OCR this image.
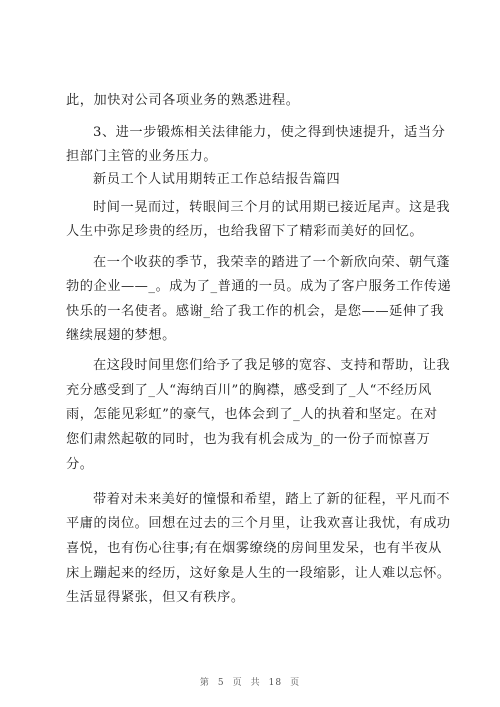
此，加快对公司各项业务的熟悉进程。
3、进一步锻炼相关法律能力，使之得到快速提升，适当分
担部门主管的业务压力。
新员工个人试用期转正工作总结报告篇四
时间一晃而过，转眼间三个月的试用期已接近尾声。这是我
人生中弥足珍贵的经历，也给我留下了精彩而美好的回忆。
在一个收获的季节，我荣幸的踏进了一个新欣向荣、朝气蓬
勃的企业——_。成为了_普通的一员。成为了客户服务工作传递
快乐的一名使者。感谢_给了我工作的机会，是您——延伸了我
继续展翅的梦想。
在这段时间里您们给予了我足够的宽容、支持和帮助，让我
充分感受到了_人“海纳百川”的胸襟，感受到了_人“不经历风
雨，怎能见彩虹”的豪气，也体会到了_人的执着和坚定。在对
您们肃然起敬的同时，也为我有机会成为_的一份子而惊喜万
分。
带着对未来美好的憧憬和希望，踏上了新的征程，平凡而不
平庸的岗位。回想在过去的三个月里，让我欢喜让我忧，有成功
喜悦，也有伤心往事;有在烟雾缭绕的房间里发呆，也有半夜从
床上蹦起来的经历，这好象是人生的一段缩影，让人难以忘怀。
生活显得紧张，但又有秩序。
第 5 页 共 18 页
